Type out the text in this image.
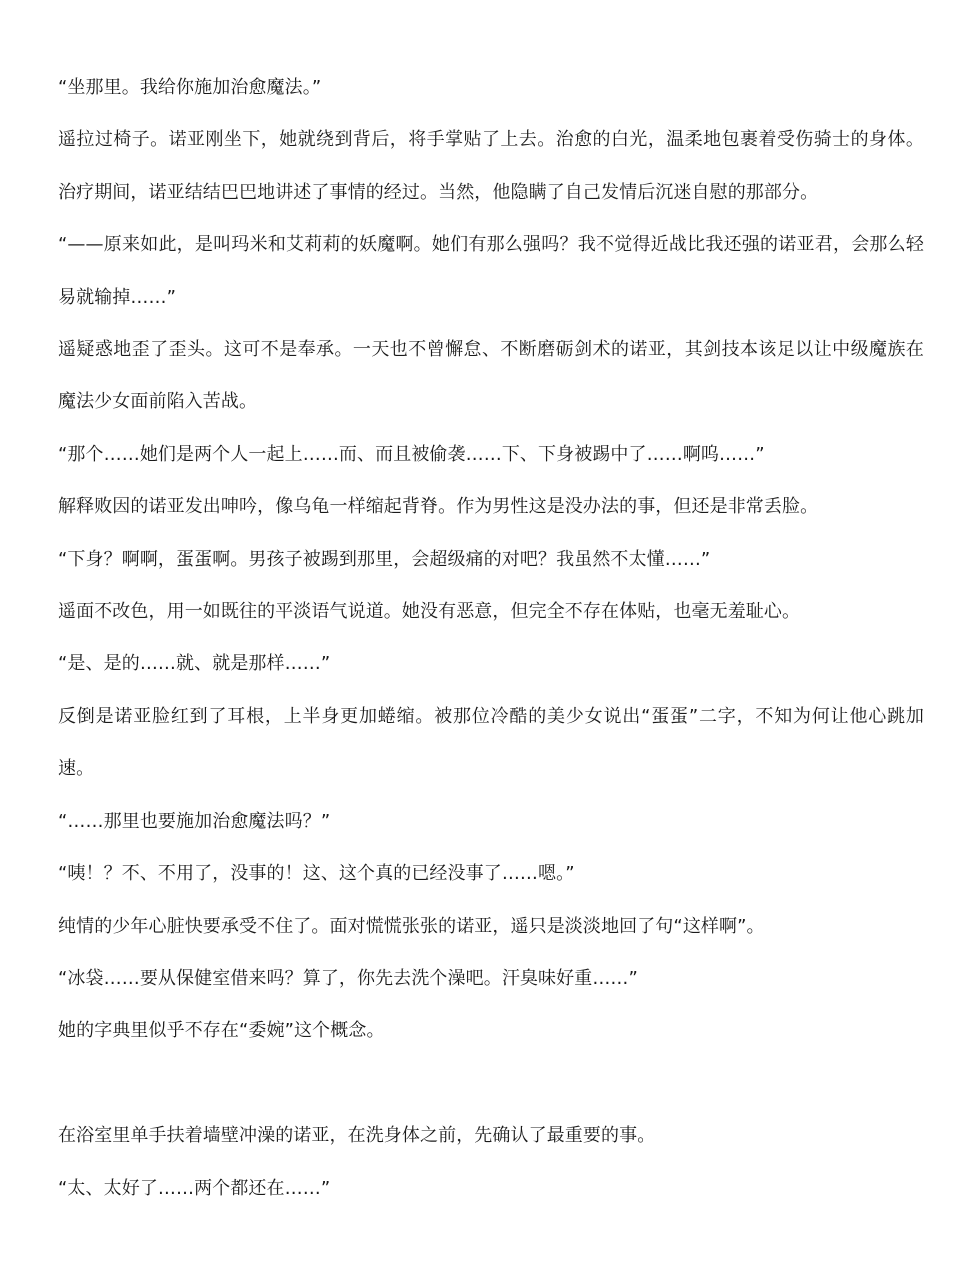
“坐那里。我给你施加治愈魔法。”

遥拉过椅子。诺亚刚坐下，她就绕到背后，将手掌贴了上去。治愈的白光，温柔地包裹着受伤骑士的身体。治疗期间，诺亚结结巴巴地讲述了事情的经过。当然，他隐瞒了自己发情后沉迷自慰的那部分。

“——原来如此，是叫玛米和艾莉莉的妖魔啊。她们有那么强吗？我不觉得近战比我还强的诺亚君，会那么轻易就输掉……”

遥疑惑地歪了歪头。这可不是奉承。一天也不曾懈怠、不断磨砺剑术的诺亚，其剑技本该足以让中级魔族在魔法少女面前陷入苦战。

“那个……她们是两个人一起上……而、而且被偷袭……下、下身被踢中了……啊呜……”

解释败因的诺亚发出呻吟，像乌龟一样缩起背脊。作为男性这是没办法的事，但还是非常丢脸。

“下身？啊啊，蛋蛋啊。男孩子被踢到那里，会超级痛的对吧？我虽然不太懂……”

遥面不改色，用一如既往的平淡语气说道。她没有恶意，但完全不存在体贴，也毫无羞耻心。

“是、是的……就、就是那样……”

反倒是诺亚脸红到了耳根，上半身更加蜷缩。被那位冷酷的美少女说出“蛋蛋”二字，不知为何让他心跳加速。

“……那里也要施加治愈魔法吗？”

“咦！？不、不用了，没事的！这、这个真的已经没事了……嗯。”

纯情的少年心脏快要承受不住了。面对慌慌张张的诺亚，遥只是淡淡地回了句“这样啊”。

“冰袋……要从保健室借来吗？算了，你先去洗个澡吧。汗臭味好重……”

她的字典里似乎不存在“委婉”这个概念。

在浴室里单手扶着墙壁冲澡的诺亚，在洗身体之前，先确认了最重要的事。

“太、太好了……两个都还在……”
